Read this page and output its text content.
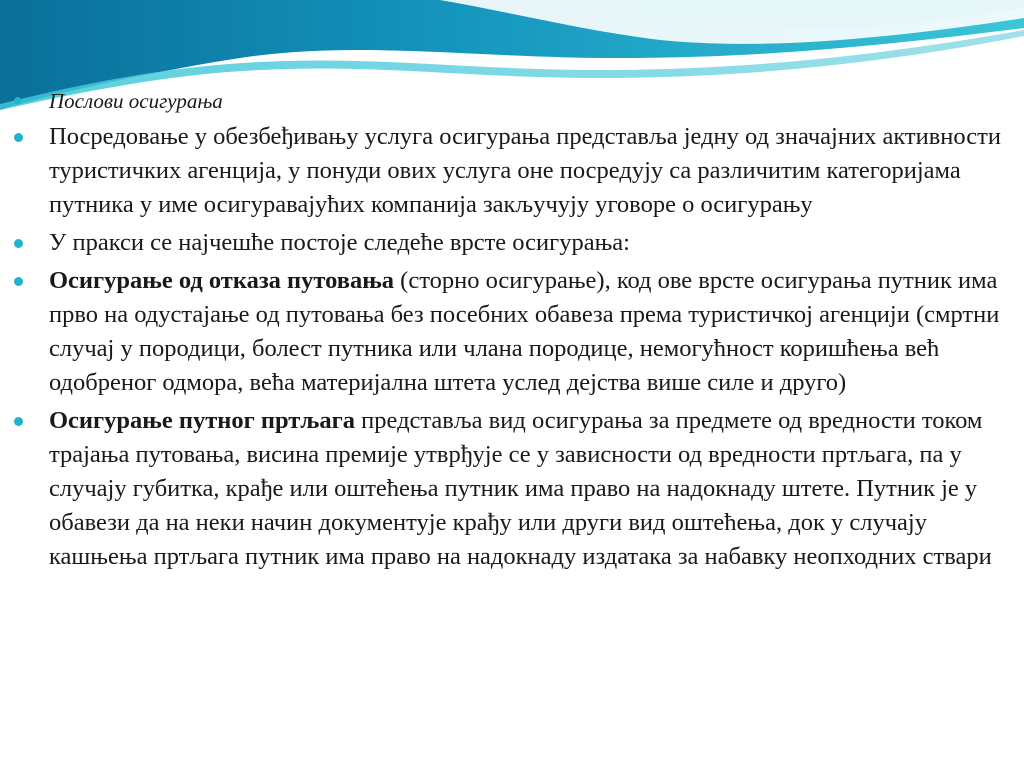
Послови осигурања
Посредовање у обезбеђивању услуга осигурања представља једну од значајних активности туристичких агенција, у понуди ових услуга оне посредују са различитим категоријама путника у име осигуравајућих компанија закључују уговоре о осигурању
У пракси се најчешће постоје следеће врсте осигурања:
Осигурање од отказа путовања (сторно осигурање), код ове врсте осигурања путник има прво на одустајање од путовања без посебних обавеза према туристичкој агенцији (смртни случај у породици, болест путника или члана породице, немогућност коришћења већ одобреног одмора, већа материјална штета услед дејства више силе и друго)
Осигурање путног пртљага представља вид осигурања за предмете од вредности током трајања путовања, висина премије утврђује се у зависности од вредности пртљага, па у случају губитка, крађе или оштећења путник има право на надокнаду штете. Путник је у обавези да на неки начин документује крађу или други вид оштећења, док у случају кашњења пртљага путник има право на надокнаду издатака за набавку неопходних ствари
